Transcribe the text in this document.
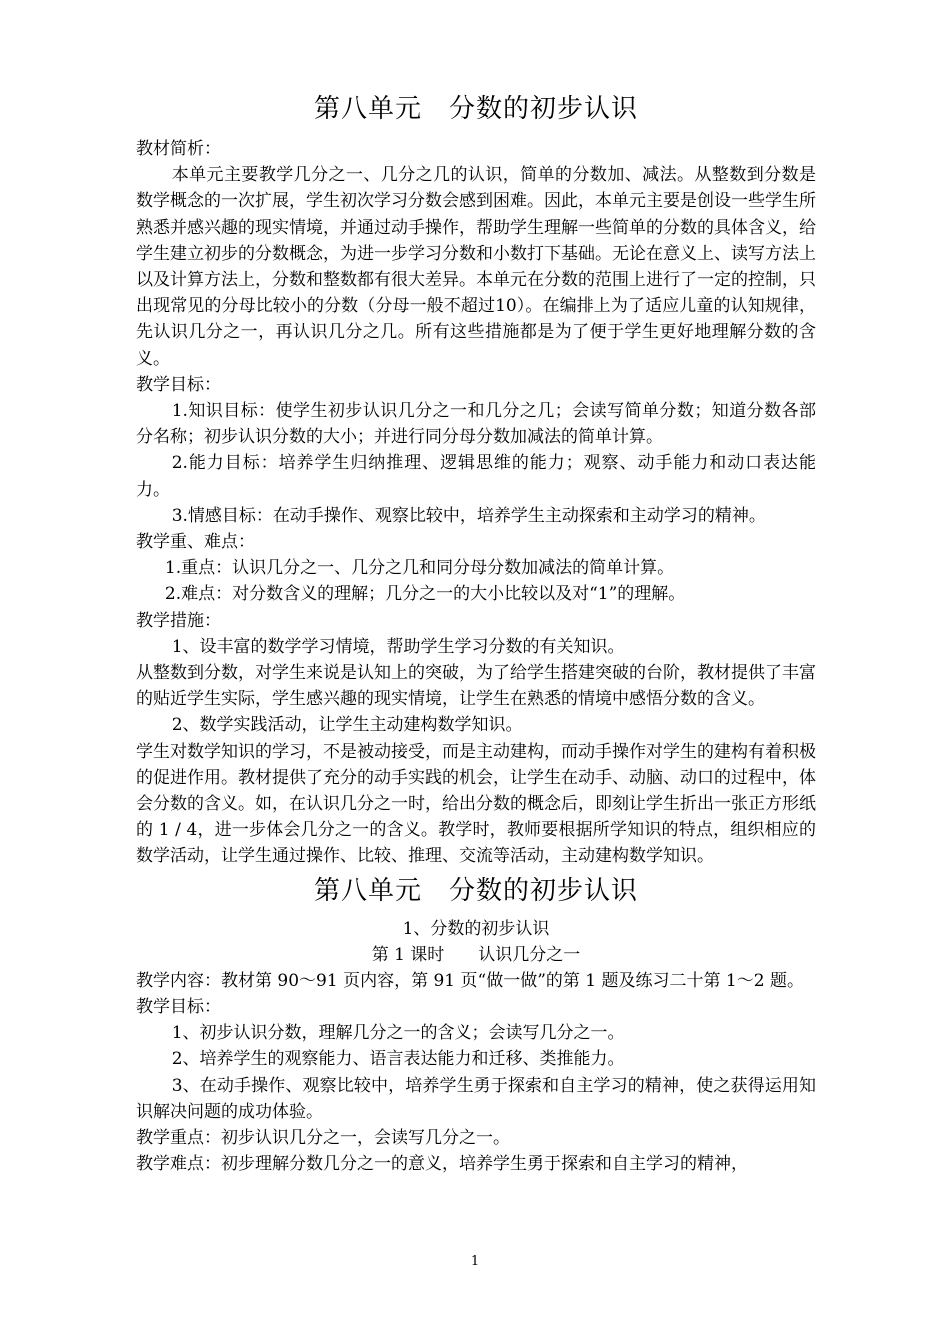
第八单元　分数的初步认识

教材简析：

本单元主要教学几分之一、几分之几的认识，简单的分数加、减法。从整数到分数是数学概念的一次扩展，学生初次学习分数会感到困难。因此，本单元主要是创设一些学生所熟悉并感兴趣的现实情境，并通过动手操作，帮助学生理解一些简单的分数的具体含义，给学生建立初步的分数概念，为进一步学习分数和小数打下基础。无论在意义上、读写方法上以及计算方法上，分数和整数都有很大差异。本单元在分数的范围上进行了一定的控制，只出现常见的分母比较小的分数（分母一般不超过10）。在编排上为了适应儿童的认知规律，先认识几分之一，再认识几分之几。所有这些措施都是为了便于学生更好地理解分数的含义。

教学目标：

1.知识目标：使学生初步认识几分之一和几分之几；会读写简单分数；知道分数各部分名称；初步认识分数的大小；并进行同分母分数加减法的简单计算。

2.能力目标：培养学生归纳推理、逻辑思维的能力；观察、动手能力和动口表达能力。

3.情感目标：在动手操作、观察比较中，培养学生主动探索和主动学习的精神。

教学重、难点：

1.重点：认识几分之一、几分之几和同分母分数加减法的简单计算。

2.难点：对分数含义的理解；几分之一的大小比较以及对“1”的理解。

教学措施：

1、设丰富的数学学习情境，帮助学生学习分数的有关知识。

从整数到分数，对学生来说是认知上的突破，为了给学生搭建突破的台阶，教材提供了丰富的贴近学生实际，学生感兴趣的现实情境，让学生在熟悉的情境中感悟分数的含义。

2、数学实践活动，让学生主动建构数学知识。

学生对数学知识的学习，不是被动接受，而是主动建构，而动手操作对学生的建构有着积极的促进作用。教材提供了充分的动手实践的机会，让学生在动手、动脑、动口的过程中，体会分数的含义。如，在认识几分之一时，给出分数的概念后，即刻让学生折出一张正方形纸的 1 / 4，进一步体会几分之一的含义。教学时，教师要根据所学知识的特点，组织相应的数学活动，让学生通过操作、比较、推理、交流等活动，主动建构数学知识。

第八单元　分数的初步认识

1、分数的初步认识

第 1 课时　　认识几分之一

教学内容：教材第 90～91 页内容，第 91 页“做一做”的第 1 题及练习二十第 1～2 题。

教学目标：

1、初步认识分数，理解几分之一的含义；会读写几分之一。

2、培养学生的观察能力、语言表达能力和迁移、类推能力。

3、在动手操作、观察比较中，培养学生勇于探索和自主学习的精神，使之获得运用知识解决问题的成功体验。

教学重点：初步认识几分之一，会读写几分之一。

教学难点：初步理解分数几分之一的意义，培养学生勇于探索和自主学习的精神，

1
